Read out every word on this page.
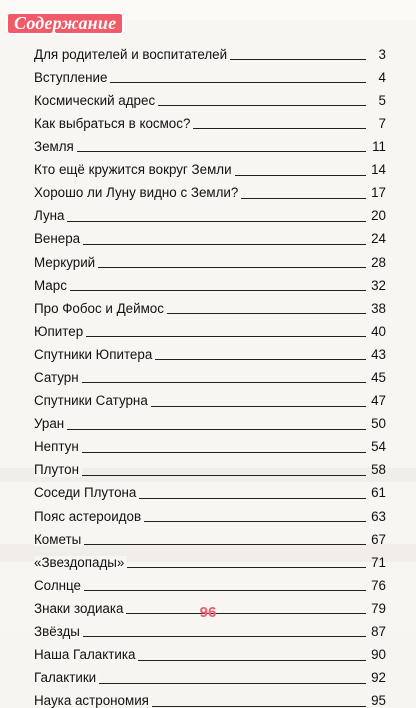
Содержание
Для родителей и воспитателей	3
Вступление	4
Космический адрес	5
Как выбраться в космос?	7
Земля	11
Кто ещё кружится вокруг Земли	14
Хорошо ли Луну видно с Земли?	17
Луна	20
Венера	24
Меркурий	28
Марс	32
Про Фобос и Деймос	38
Юпитер	40
Спутники Юпитера	43
Сатурн	45
Спутники Сатурна	47
Уран	50
Нептун	54
Плутон	58
Соседи Плутона	61
Пояс астероидов	63
Кометы	67
«Звездопады»	71
Солнце	76
Знаки зодиака	79
Звёзды	87
Наша Галактика	90
Галактики	92
Наука астрономия	95

96
